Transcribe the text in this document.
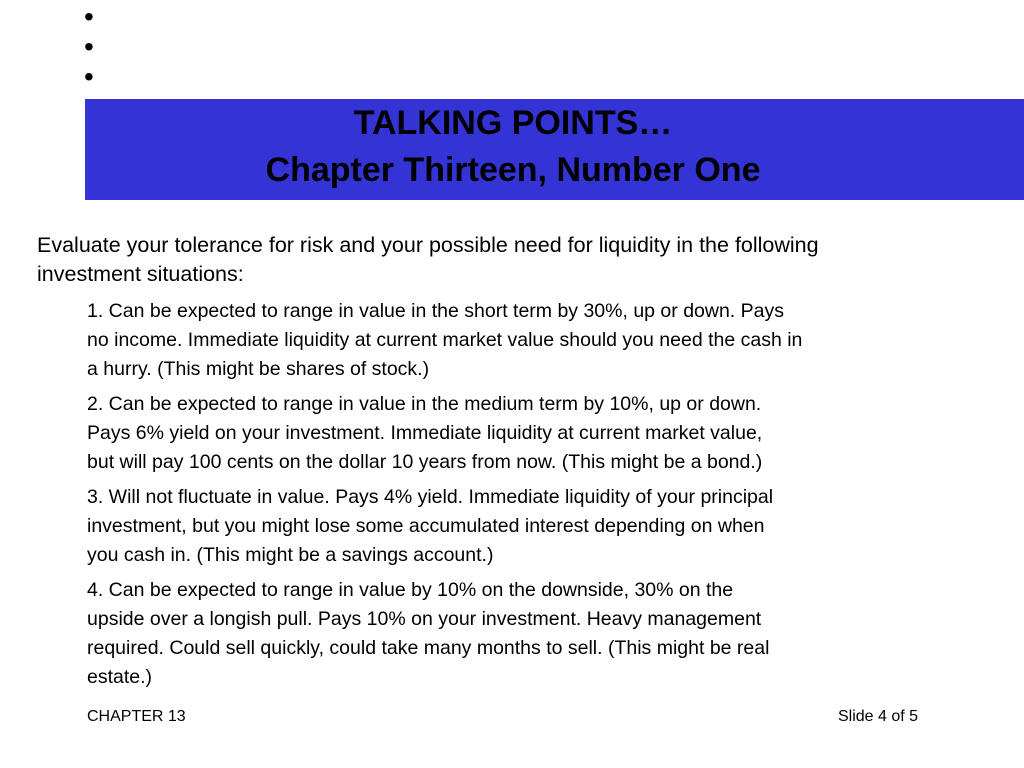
•
•
•
TALKING POINTS…
Chapter Thirteen, Number One
Evaluate your tolerance for risk and your possible need for liquidity in the following
investment situations:
1. Can be expected to range in value in the short term by 30%, up or down. Pays
no income. Immediate liquidity at current market value should you need the cash in
a hurry. (This might be shares of stock.)
2. Can be expected to range in value in the medium term by 10%, up or down.
Pays 6% yield on your investment. Immediate liquidity at current market value,
but will pay 100 cents on the dollar 10 years from now. (This might be a bond.)
3. Will not fluctuate in value. Pays 4% yield. Immediate liquidity of your principal
investment, but you might lose some accumulated interest depending on when
you cash in. (This might be a savings account.)
4. Can be expected to range in value by 10% on the downside, 30% on the
upside over a longish pull. Pays 10% on your investment. Heavy management
required. Could sell quickly, could take many months to sell. (This might be real
estate.)
CHAPTER 13	Slide 4 of 5
